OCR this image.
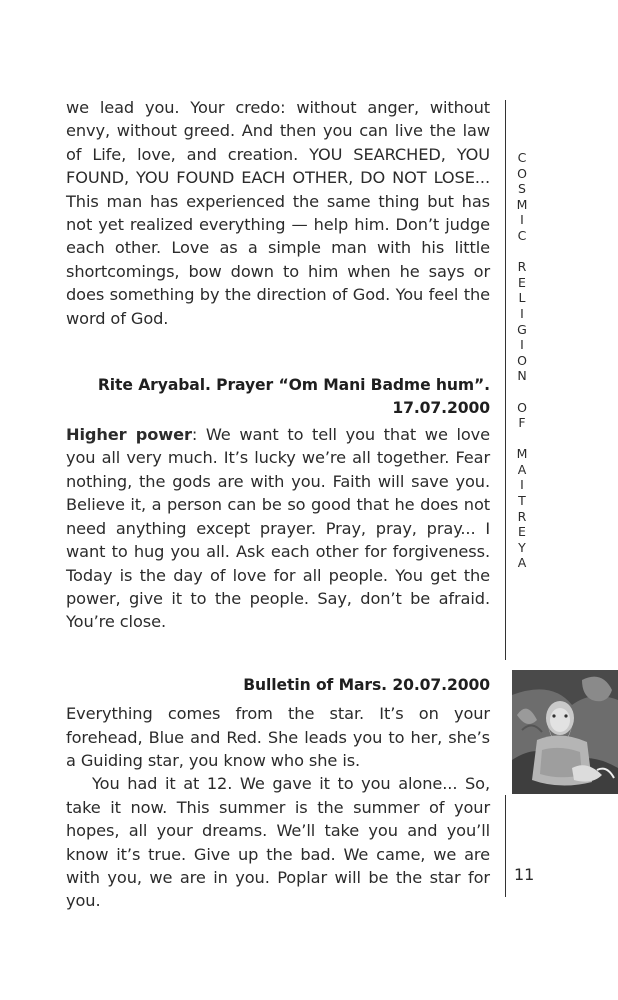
we lead you. Your credo: without anger, without envy, without greed. And then you can live the law of Life, love, and creation. YOU SEARCHED, YOU FOUND, YOU FOUND EACH OTHER, DO NOT LOSE... This man has experienced the same thing but has not yet realized everything — help him. Don’t judge each other. Love as a simple man with his little shortcomings, bow down to him when he says or does something by the direction of God. You feel the word of God.

Rite Aryabal. Prayer “Om Mani Badme hum”.
17.07.2000

Higher power: We want to tell you that we love you all very much. It’s lucky we’re all together. Fear nothing, the gods are with you. Faith will save you. Believe it, a person can be so good that he does not need anything except prayer. Pray, pray, pray... I want to hug you all. Ask each other for forgiveness. Today is the day of love for all people. You get the power, give it to the people. Say, don’t be afraid. You’re close.

Bulletin of Mars. 20.07.2000

Everything comes from the star. It’s on your forehead, Blue and Red. She leads you to her, she’s a Guiding star, you know who she is.

You had it at 12. We gave it to you alone... So, take it now. This summer is the summer of your hopes, all your dreams. We’ll take you and you’ll know it’s true. Give up the bad. We came, we are with you, we are in you. Poplar will be the star for you.

C
O
S
M
I
C

R
E
L
I
G
I
O
N

O
F

M
A
I
T
R
E
Y
A
11
